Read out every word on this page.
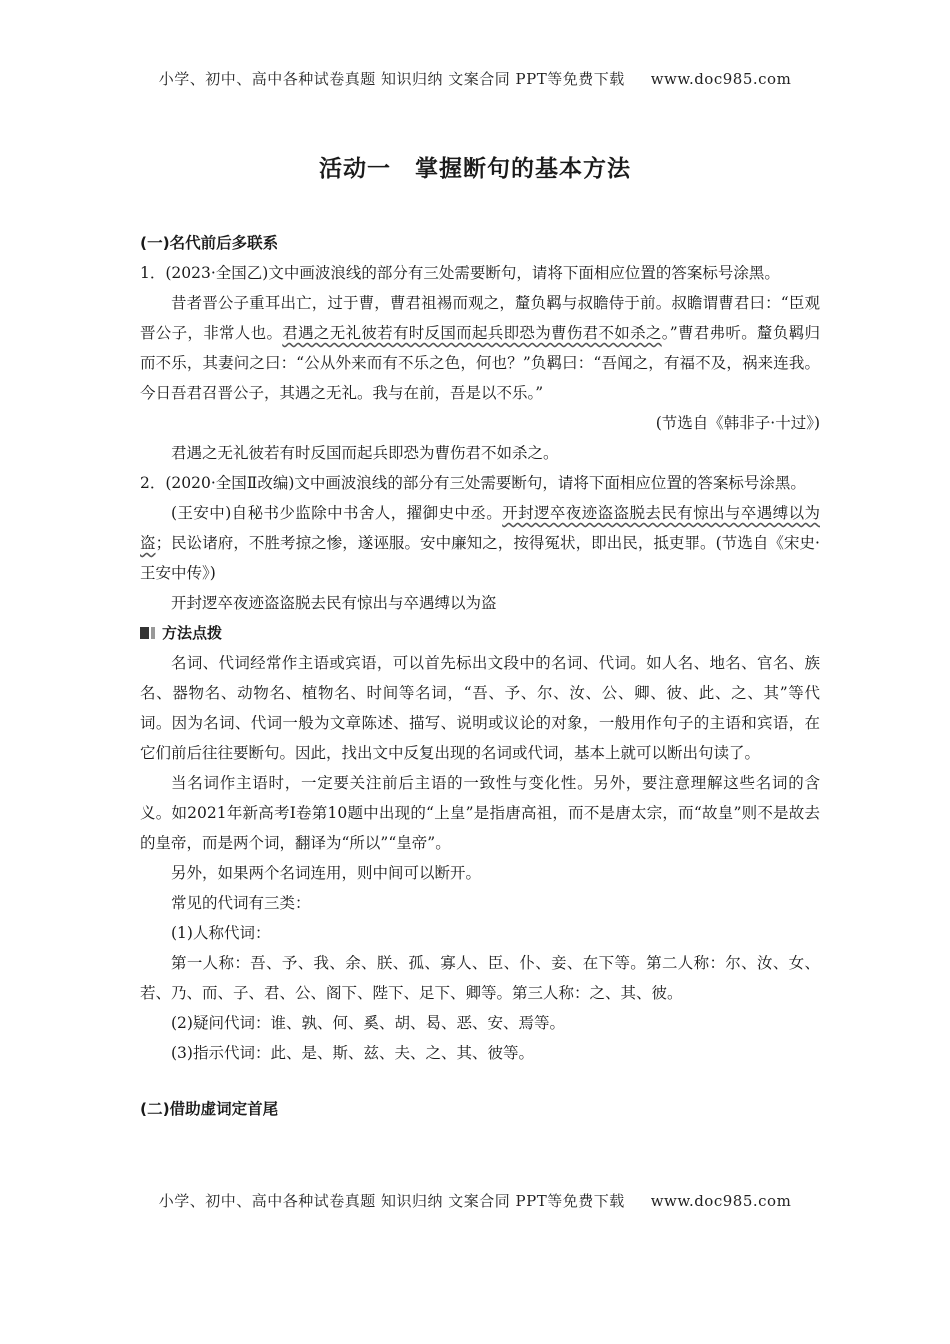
小学、初中、高中各种试卷真题 知识归纳 文案合同 PPT等免费下载 www.doc985.com
活动一　掌握断句的基本方法

(一)名代前后多联系

1．(2023·全国乙)文中画波浪线的部分有三处需要断句，请将下面相应位置的答案标号涂黑。

昔者晋公子重耳出亡，过于曹，曹君祖裼而观之，釐负羁与叔瞻侍于前。叔瞻谓曹君曰：“臣观晋公子，非常人也。君遇之无礼彼若有时反国而起兵即恐为曹伤君不如杀之。”曹君弗听。釐负羁归而不乐，其妻问之曰：“公从外来而有不乐之色，何也？”负羁曰：“吾闻之，有福不及，祸来连我。今日吾君召晋公子，其遇之无礼。我与在前，吾是以不乐。”

(节选自《韩非子·十过》)

君遇之无礼彼若有时反国而起兵即恐为曹伤君不如杀之。

2．(2020·全国Ⅱ改编)文中画波浪线的部分有三处需要断句，请将下面相应位置的答案标号涂黑。

(王安中)自秘书少监除中书舍人，擢御史中丞。开封逻卒夜迹盗盗脱去民有惊出与卒遇缚以为盗；民讼诸府，不胜考掠之惨，遂诬服。安中廉知之，按得冤状，即出民，抵吏罪。(节选自《宋史·王安中传》)

开封逻卒夜迹盗盗脱去民有惊出与卒遇缚以为盗

方法点拨

名词、代词经常作主语或宾语，可以首先标出文段中的名词、代词。如人名、地名、官名、族名、器物名、动物名、植物名、时间等名词，“吾、予、尔、汝、公、卿、彼、此、之、其”等代词。因为名词、代词一般为文章陈述、描写、说明或议论的对象，一般用作句子的主语和宾语，在它们前后往往要断句。因此，找出文中反复出现的名词或代词，基本上就可以断出句读了。

当名词作主语时，一定要关注前后主语的一致性与变化性。另外，要注意理解这些名词的含义。如2021年新高考Ⅰ卷第10题中出现的“上皇”是指唐高祖，而不是唐太宗，而“故皇”则不是故去的皇帝，而是两个词，翻译为“所以”“皇帝”。

另外，如果两个名词连用，则中间可以断开。

常见的代词有三类：

(1)人称代词：

第一人称：吾、予、我、余、朕、孤、寡人、臣、仆、妾、在下等。第二人称：尔、汝、女、若、乃、而、子、君、公、阁下、陛下、足下、卿等。第三人称：之、其、彼。

(2)疑问代词：谁、孰、何、奚、胡、曷、恶、安、焉等。

(3)指示代词：此、是、斯、兹、夫、之、其、彼等。

(二)借助虚词定首尾

小学、初中、高中各种试卷真题 知识归纳 文案合同 PPT等免费下载 www.doc985.com
